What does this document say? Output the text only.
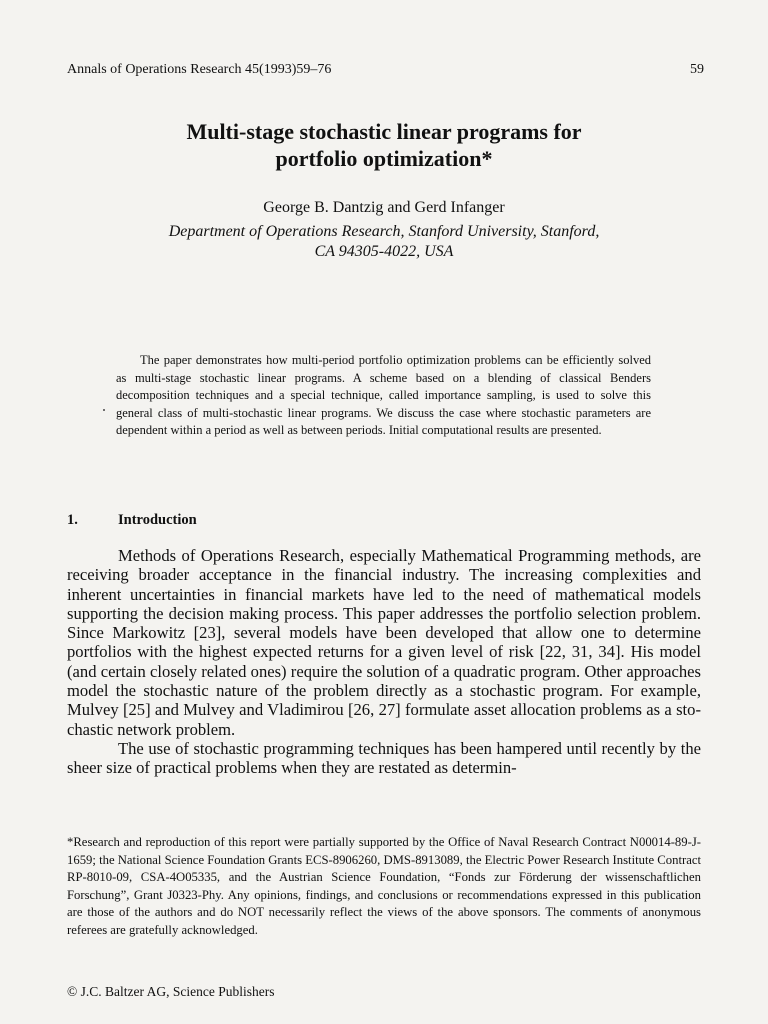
Annals of Operations Research 45(1993)59–76	59
Multi-stage stochastic linear programs for
portfolio optimization*
George B. Dantzig and Gerd Infanger
Department of Operations Research, Stanford University, Stanford,
CA 94305-4022, USA
The paper demonstrates how multi-period portfolio optimization problems can be efficiently solved as multi-stage stochastic linear programs. A scheme based on a blending of classical Benders decomposition techniques and a special technique, called importance sampling, is used to solve this general class of multi-stochastic linear programs. We discuss the case where stochastic parameters are dependent within a period as well as between periods. Initial computational results are presented.
1.	Introduction

Methods of Operations Research, especially Mathematical Programming methods, are receiving broader acceptance in the financial industry. The increasing complexities and inherent uncertainties in financial markets have led to the need of mathematical models supporting the decision making process. This paper addresses the portfolio selection problem. Since Markowitz [23], several models have been developed that allow one to determine portfolios with the highest expected returns for a given level of risk [22, 31, 34]. His model (and certain closely related ones) require the solution of a quadratic program. Other approaches model the stochastic nature of the problem directly as a stochastic program. For example, Mulvey [25] and Mulvey and Vladimirou [26, 27] formulate asset allocation problems as a stochastic network problem.

The use of stochastic programming techniques has been hampered until recently by the sheer size of practical problems when they are restated as determin-

*Research and reproduction of this report were partially supported by the Office of Naval Research Contract N00014-89-J-1659; the National Science Foundation Grants ECS-8906260, DMS-8913089, the Electric Power Research Institute Contract RP-8010-09, CSA-4O05335, and the Austrian Science Foundation, “Fonds zur Förderung der wissenschaftlichen Forschung”, Grant J0323-Phy. Any opinions, findings, and conclusions or recommendations expressed in this publication are those of the authors and do NOT necessarily reflect the views of the above sponsors. The comments of anonymous referees are gratefully acknowledged.
© J.C. Baltzer AG, Science Publishers
